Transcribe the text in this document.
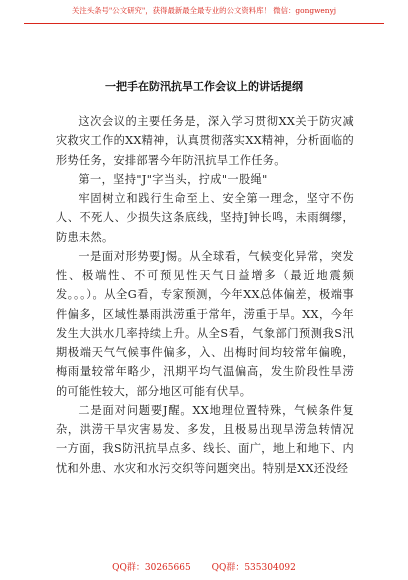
关注头条号"公文研究"，获得最新最全最专业的公文资料库！ 微信：gongwenyj
一把手在防汛抗旱工作会议上的讲话提纲

这次会议的主要任务是，深入学习贯彻XX关于防灾减灾救灾工作的XX精神，认真贯彻落实XX精神，分析面临的形势任务，安排部署今年防汛抗旱工作任务。

第一，坚持"J"字当头，拧成"一股绳"

牢固树立和践行生命至上、安全第一理念，坚守不伤人、不死人、少损失这条底线，坚持J钟长鸣，未雨绸缪，防患未然。

一是面对形势要J惕。从全球看，气候变化异常，突发性、极端性、不可预见性天气日益增多（最近地震频发。。。）。从全G看，专家预测，今年XX总体偏差，极端事件偏多，区域性暴雨洪涝重于常年，涝重于旱。XX，今年发生大洪水几率持续上升。从全S看，气象部门预测我S汛期极端天气气候事件偏多，入、出梅时间均较常年偏晚，梅雨量较常年略少，汛期平均气温偏高，发生阶段性旱涝的可能性较大，部分地区可能有伏旱。

二是面对问题要J醒。XX地理位置特殊，气候条件复杂，洪涝干旱灾害易发、多发，且极易出现旱涝急转情况一方面，我S防汛抗旱点多、线长、面广，地上和地下、内忧和外患、水灾和水污交织等问题突出。特别是XX还没经

QQ群：30265665 QQ群：535304092
